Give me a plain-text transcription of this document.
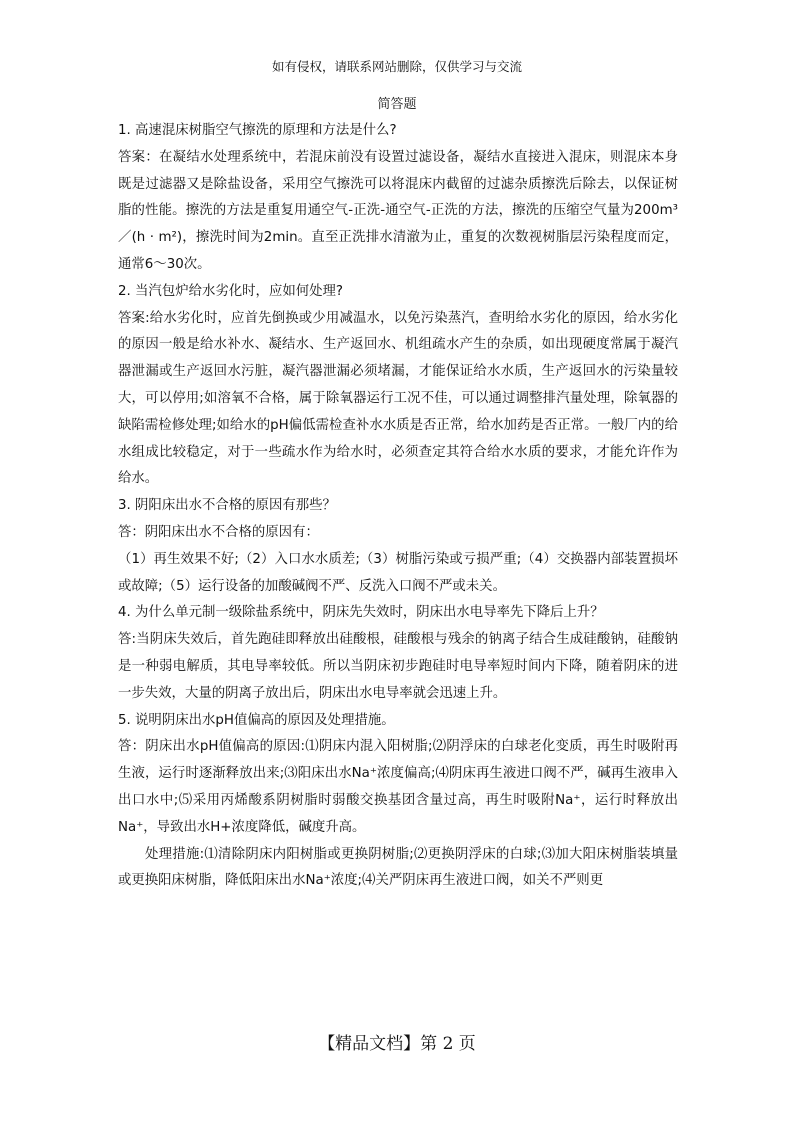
如有侵权，请联系网站删除，仅供学习与交流
简答题

1. 高速混床树脂空气擦洗的原理和方法是什么?

答案：在凝结水处理系统中，若混床前没有设置过滤设备，凝结水直接进入混床，则混床本身既是过滤器又是除盐设备，采用空气擦洗可以将混床内截留的过滤杂质擦洗后除去，以保证树脂的性能。擦洗的方法是重复用通空气-正洗-通空气-正洗的方法，擦洗的压缩空气量为200m³／(h · m²)，擦洗时间为2min。直至正洗排水清澈为止，重复的次数视树脂层污染程度而定，通常6～30次。

2. 当汽包炉给水劣化时，应如何处理?

答案:给水劣化时，应首先倒换或少用减温水，以免污染蒸汽，查明给水劣化的原因，给水劣化的原因一般是给水补水、凝结水、生产返回水、机组疏水产生的杂质，如出现硬度常属于凝汽器泄漏或生产返回水污脏，凝汽器泄漏必须堵漏，才能保证给水水质，生产返回水的污染量较大，可以停用;如溶氧不合格，属于除氧器运行工况不佳，可以通过调整排汽量处理，除氧器的缺陷需检修处理;如给水的pH偏低需检查补水水质是否正常，给水加药是否正常。一般厂内的给水组成比较稳定，对于一些疏水作为给水时，必须查定其符合给水水质的要求，才能允许作为给水。

3. 阴阳床出水不合格的原因有那些？

答：阴阳床出水不合格的原因有：

（1）再生效果不好;（2）入口水水质差;（3）树脂污染或亏损严重;（4）交换器内部装置损坏或故障;（5）运行设备的加酸碱阀不严、反洗入口阀不严或未关。

4. 为什么单元制一级除盐系统中，阴床先失效时，阴床出水电导率先下降后上升？

答:当阴床失效后，首先跑硅即释放出硅酸根，硅酸根与残余的钠离子结合生成硅酸钠，硅酸钠是一种弱电解质，其电导率较低。所以当阴床初步跑硅时电导率短时间内下降，随着阴床的进一步失效，大量的阴离子放出后，阴床出水电导率就会迅速上升。

5. 说明阴床出水pH值偏高的原因及处理措施。

答：阴床出水pH值偏高的原因:⑴阴床内混入阳树脂;⑵阴浮床的白球老化变质，再生时吸附再生液，运行时逐渐释放出来;⑶阳床出水Na⁺浓度偏高;⑷阴床再生液进口阀不严，碱再生液串入出口水中;⑸采用丙烯酸系阴树脂时弱酸交换基团含量过高，再生时吸附Na⁺，运行时释放出Na⁺，导致出水H+浓度降低，碱度升高。

处理措施:⑴清除阴床内阳树脂或更换阴树脂;⑵更换阴浮床的白球;⑶加大阳床树脂装填量或更换阳床树脂，降低阳床出水Na⁺浓度;⑷关严阴床再生液进口阀，如关不严则更

【精品文档】第 2 页
